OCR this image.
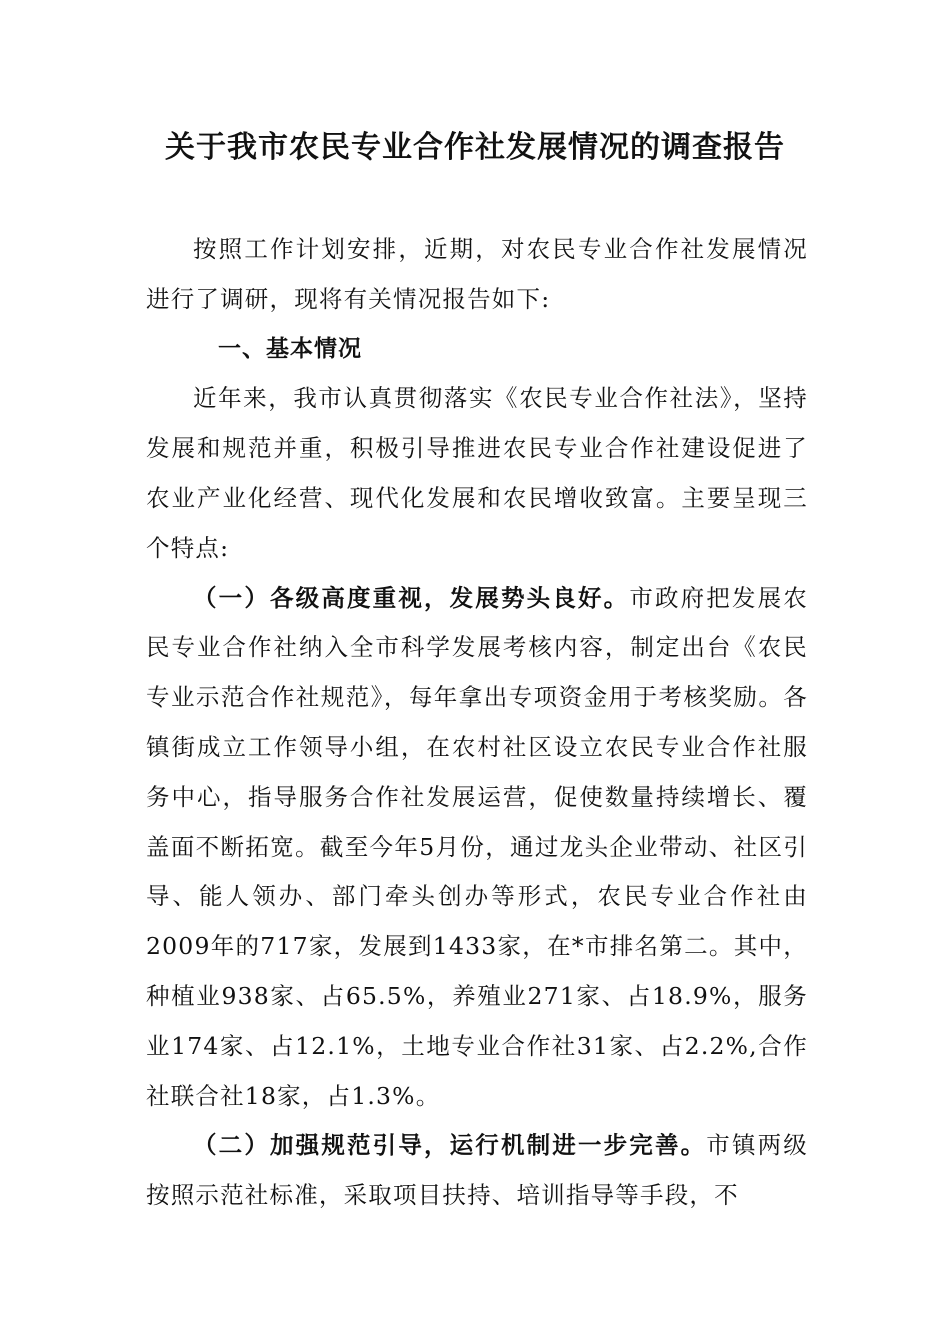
关于我市农民专业合作社发展情况的调查报告

按照工作计划安排，近期，对农民专业合作社发展情况进行了调研，现将有关情况报告如下:

一、基本情况

近年来，我市认真贯彻落实《农民专业合作社法》，坚持发展和规范并重，积极引导推进农民专业合作社建设促进了农业产业化经营、现代化发展和农民增收致富。主要呈现三个特点:

（一）各级高度重视，发展势头良好。市政府把发展农民专业合作社纳入全市科学发展考核内容，制定出台《农民专业示范合作社规范》，每年拿出专项资金用于考核奖励。各镇街成立工作领导小组，在农村社区设立农民专业合作社服务中心，指导服务合作社发展运营，促使数量持续增长、覆盖面不断拓宽。截至今年5月份，通过龙头企业带动、社区引导、能人领办、部门牵头创办等形式，农民专业合作社由2009年的717家，发展到1433家，在*市排名第二。其中，种植业938家、占65.5%，养殖业271家、占18.9%，服务业174家、占12.1%，土地专业合作社31家、占2.2%,合作社联合社18家，占1.3%。

（二）加强规范引导，运行机制进一步完善。市镇两级按照示范社标准，采取项目扶持、培训指导等手段，不
